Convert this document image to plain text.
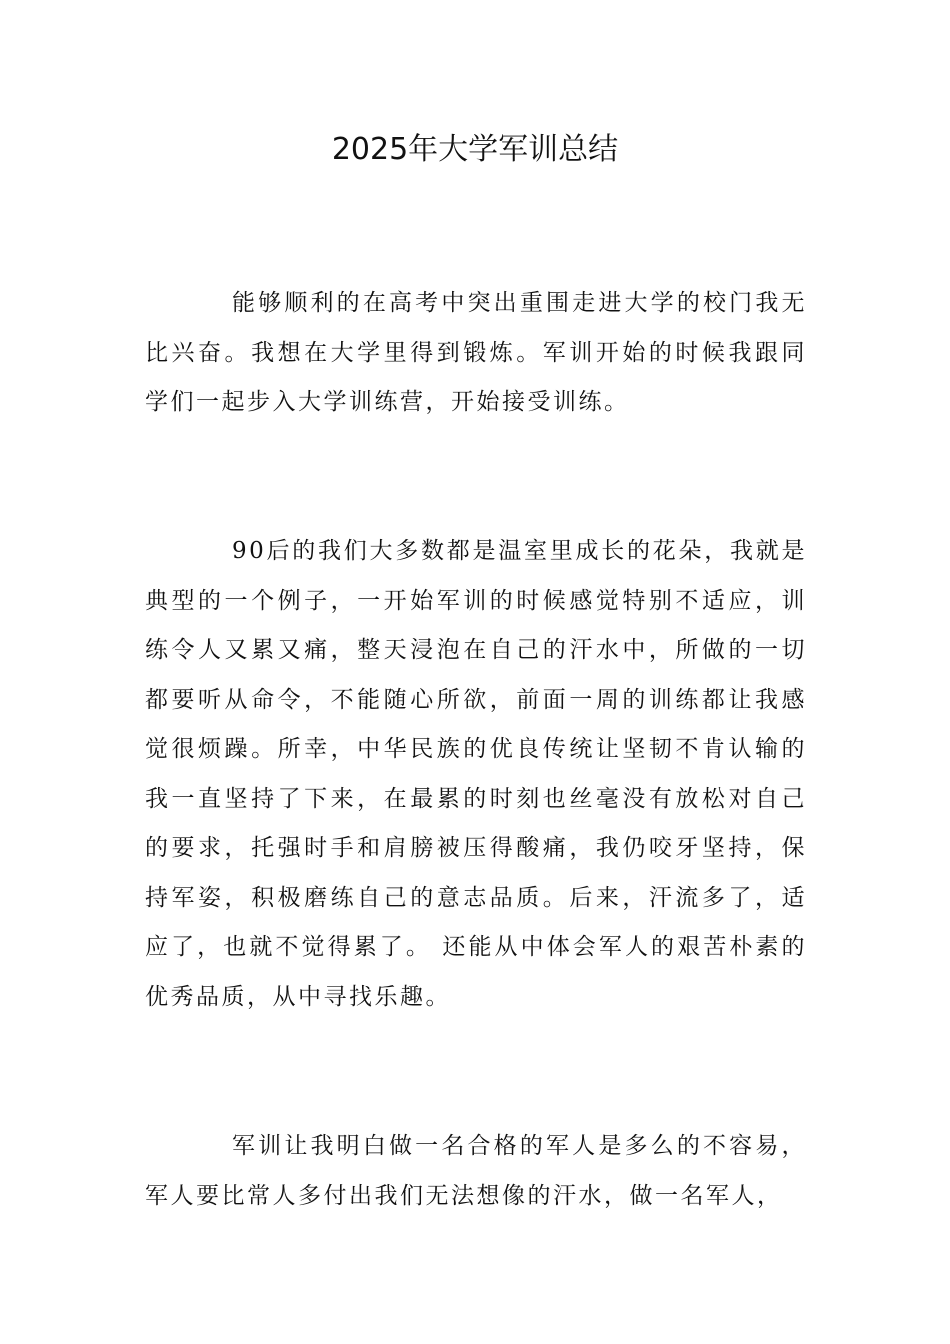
2025年大学军训总结

能够顺利的在高考中突出重围走进大学的校门我无比兴奋。我想在大学里得到锻炼。军训开始的时候我跟同学们一起步入大学训练营，开始接受训练。

90后的我们大多数都是温室里成长的花朵，我就是典型的一个例子，一开始军训的时候感觉特别不适应，训练令人又累又痛，整天浸泡在自己的汗水中，所做的一切都要听从命令，不能随心所欲，前面一周的训练都让我感觉很烦躁。所幸，中华民族的优良传统让坚韧不肯认输的我一直坚持了下来，在最累的时刻也丝毫没有放松对自己的要求，托强时手和肩膀被压得酸痛，我仍咬牙坚持，保持军姿，积极磨练自己的意志品质。后来，汗流多了，适应了，也就不觉得累了。 还能从中体会军人的艰苦朴素的优秀品质，从中寻找乐趣。

军训让我明白做一名合格的军人是多么的不容易，军人要比常人多付出我们无法想像的汗水，做一名军人，
